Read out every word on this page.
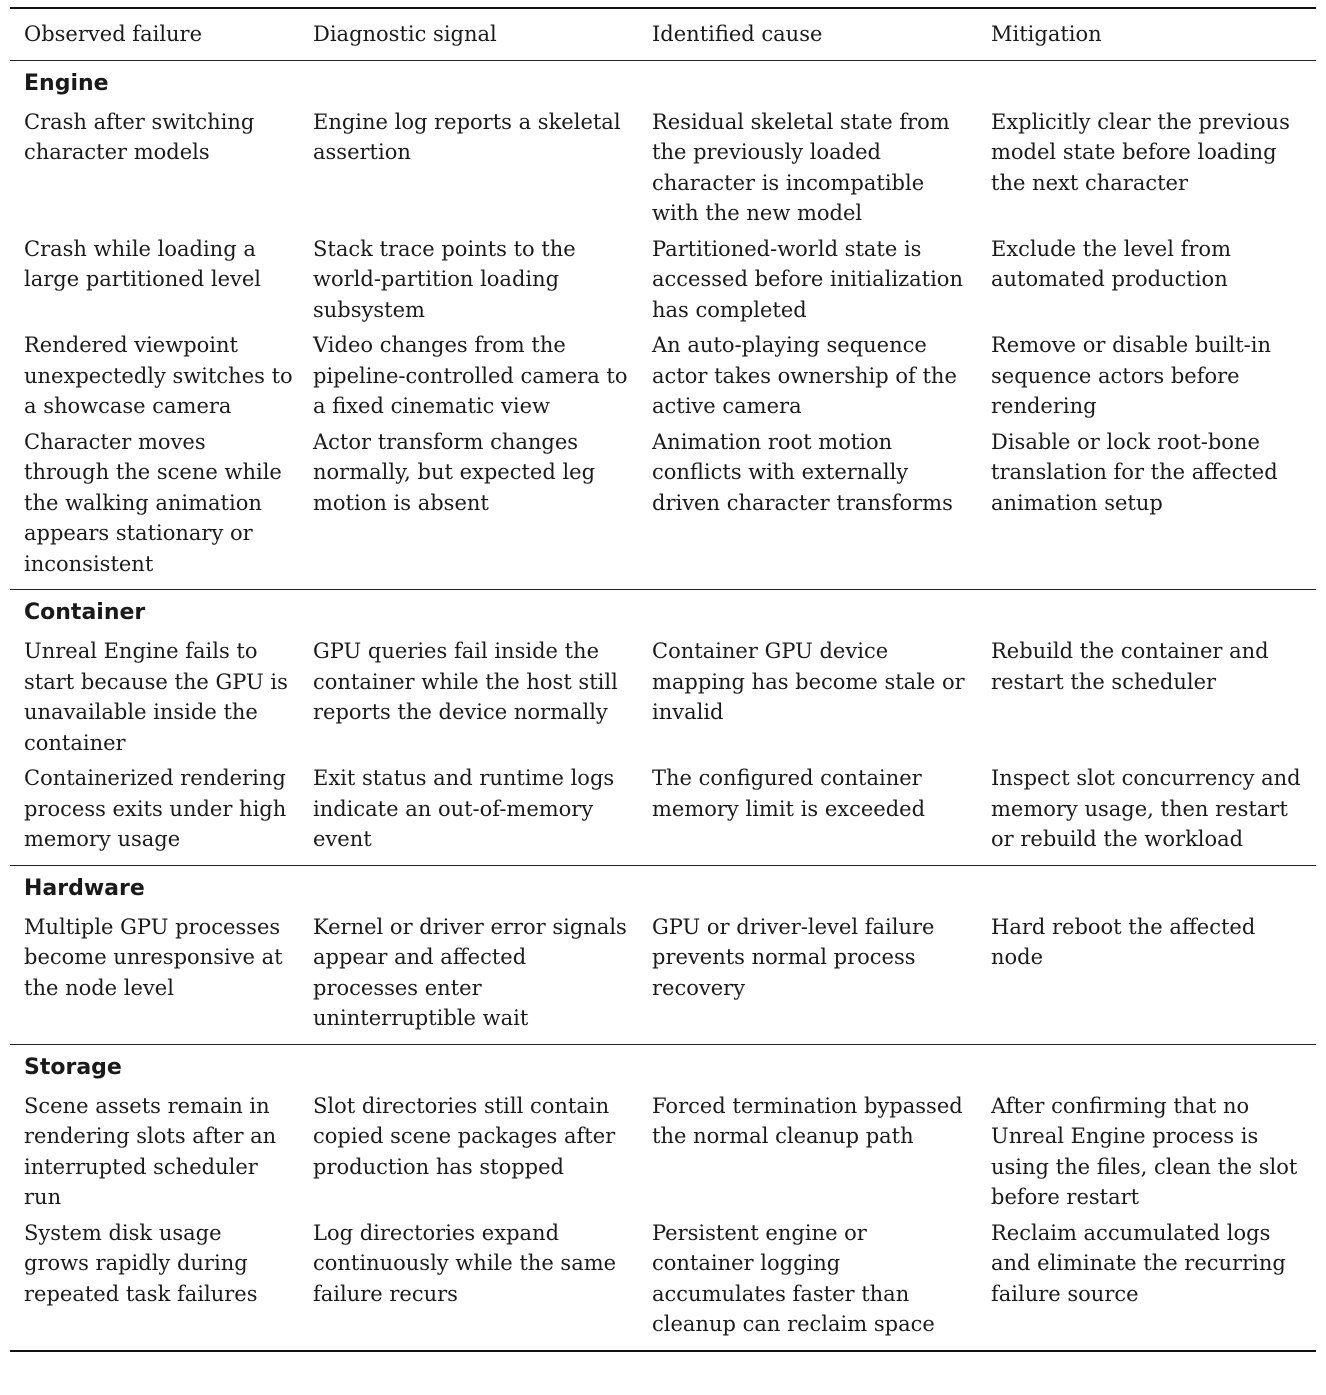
Observed failure	Diagnostic signal	Identified cause	Mitigation
Engine			
Crash after switching character models	Engine log reports a skeletal assertion	Residual skeletal state from the previously loaded character is incompatible with the new model	Explicitly clear the previous model state before loading the next character
Crash while loading a large partitioned level	Stack trace points to the world-partition loading subsystem	Partitioned-world state is accessed before initialization has completed	Exclude the level from automated production
Rendered viewpoint unexpectedly switches to a showcase camera	Video changes from the pipeline-controlled camera to a fixed cinematic view	An auto-playing sequence actor takes ownership of the active camera	Remove or disable built-in sequence actors before rendering
Character moves through the scene while the walking animation appears stationary or inconsistent	Actor transform changes normally, but expected leg motion is absent	Animation root motion conflicts with externally driven character transforms	Disable or lock root-bone translation for the affected animation setup
Container			
Unreal Engine fails to start because the GPU is unavailable inside the container	GPU queries fail inside the container while the host still reports the device normally	Container GPU device mapping has become stale or invalid	Rebuild the container and restart the scheduler
Containerized rendering process exits under high memory usage	Exit status and runtime logs indicate an out-of-memory event	The configured container memory limit is exceeded	Inspect slot concurrency and memory usage, then restart or rebuild the workload
Hardware			
Multiple GPU processes become unresponsive at the node level	Kernel or driver error signals appear and affected processes enter uninterruptible wait	GPU or driver-level failure prevents normal process recovery	Hard reboot the affected node
Storage			
Scene assets remain in rendering slots after an interrupted scheduler run	Slot directories still contain copied scene packages after production has stopped	Forced termination bypassed the normal cleanup path	After confirming that no Unreal Engine process is using the files, clean the slot before restart
System disk usage grows rapidly during repeated task failures	Log directories expand continuously while the same failure recurs	Persistent engine or container logging accumulates faster than cleanup can reclaim space	Reclaim accumulated logs and eliminate the recurring failure source
